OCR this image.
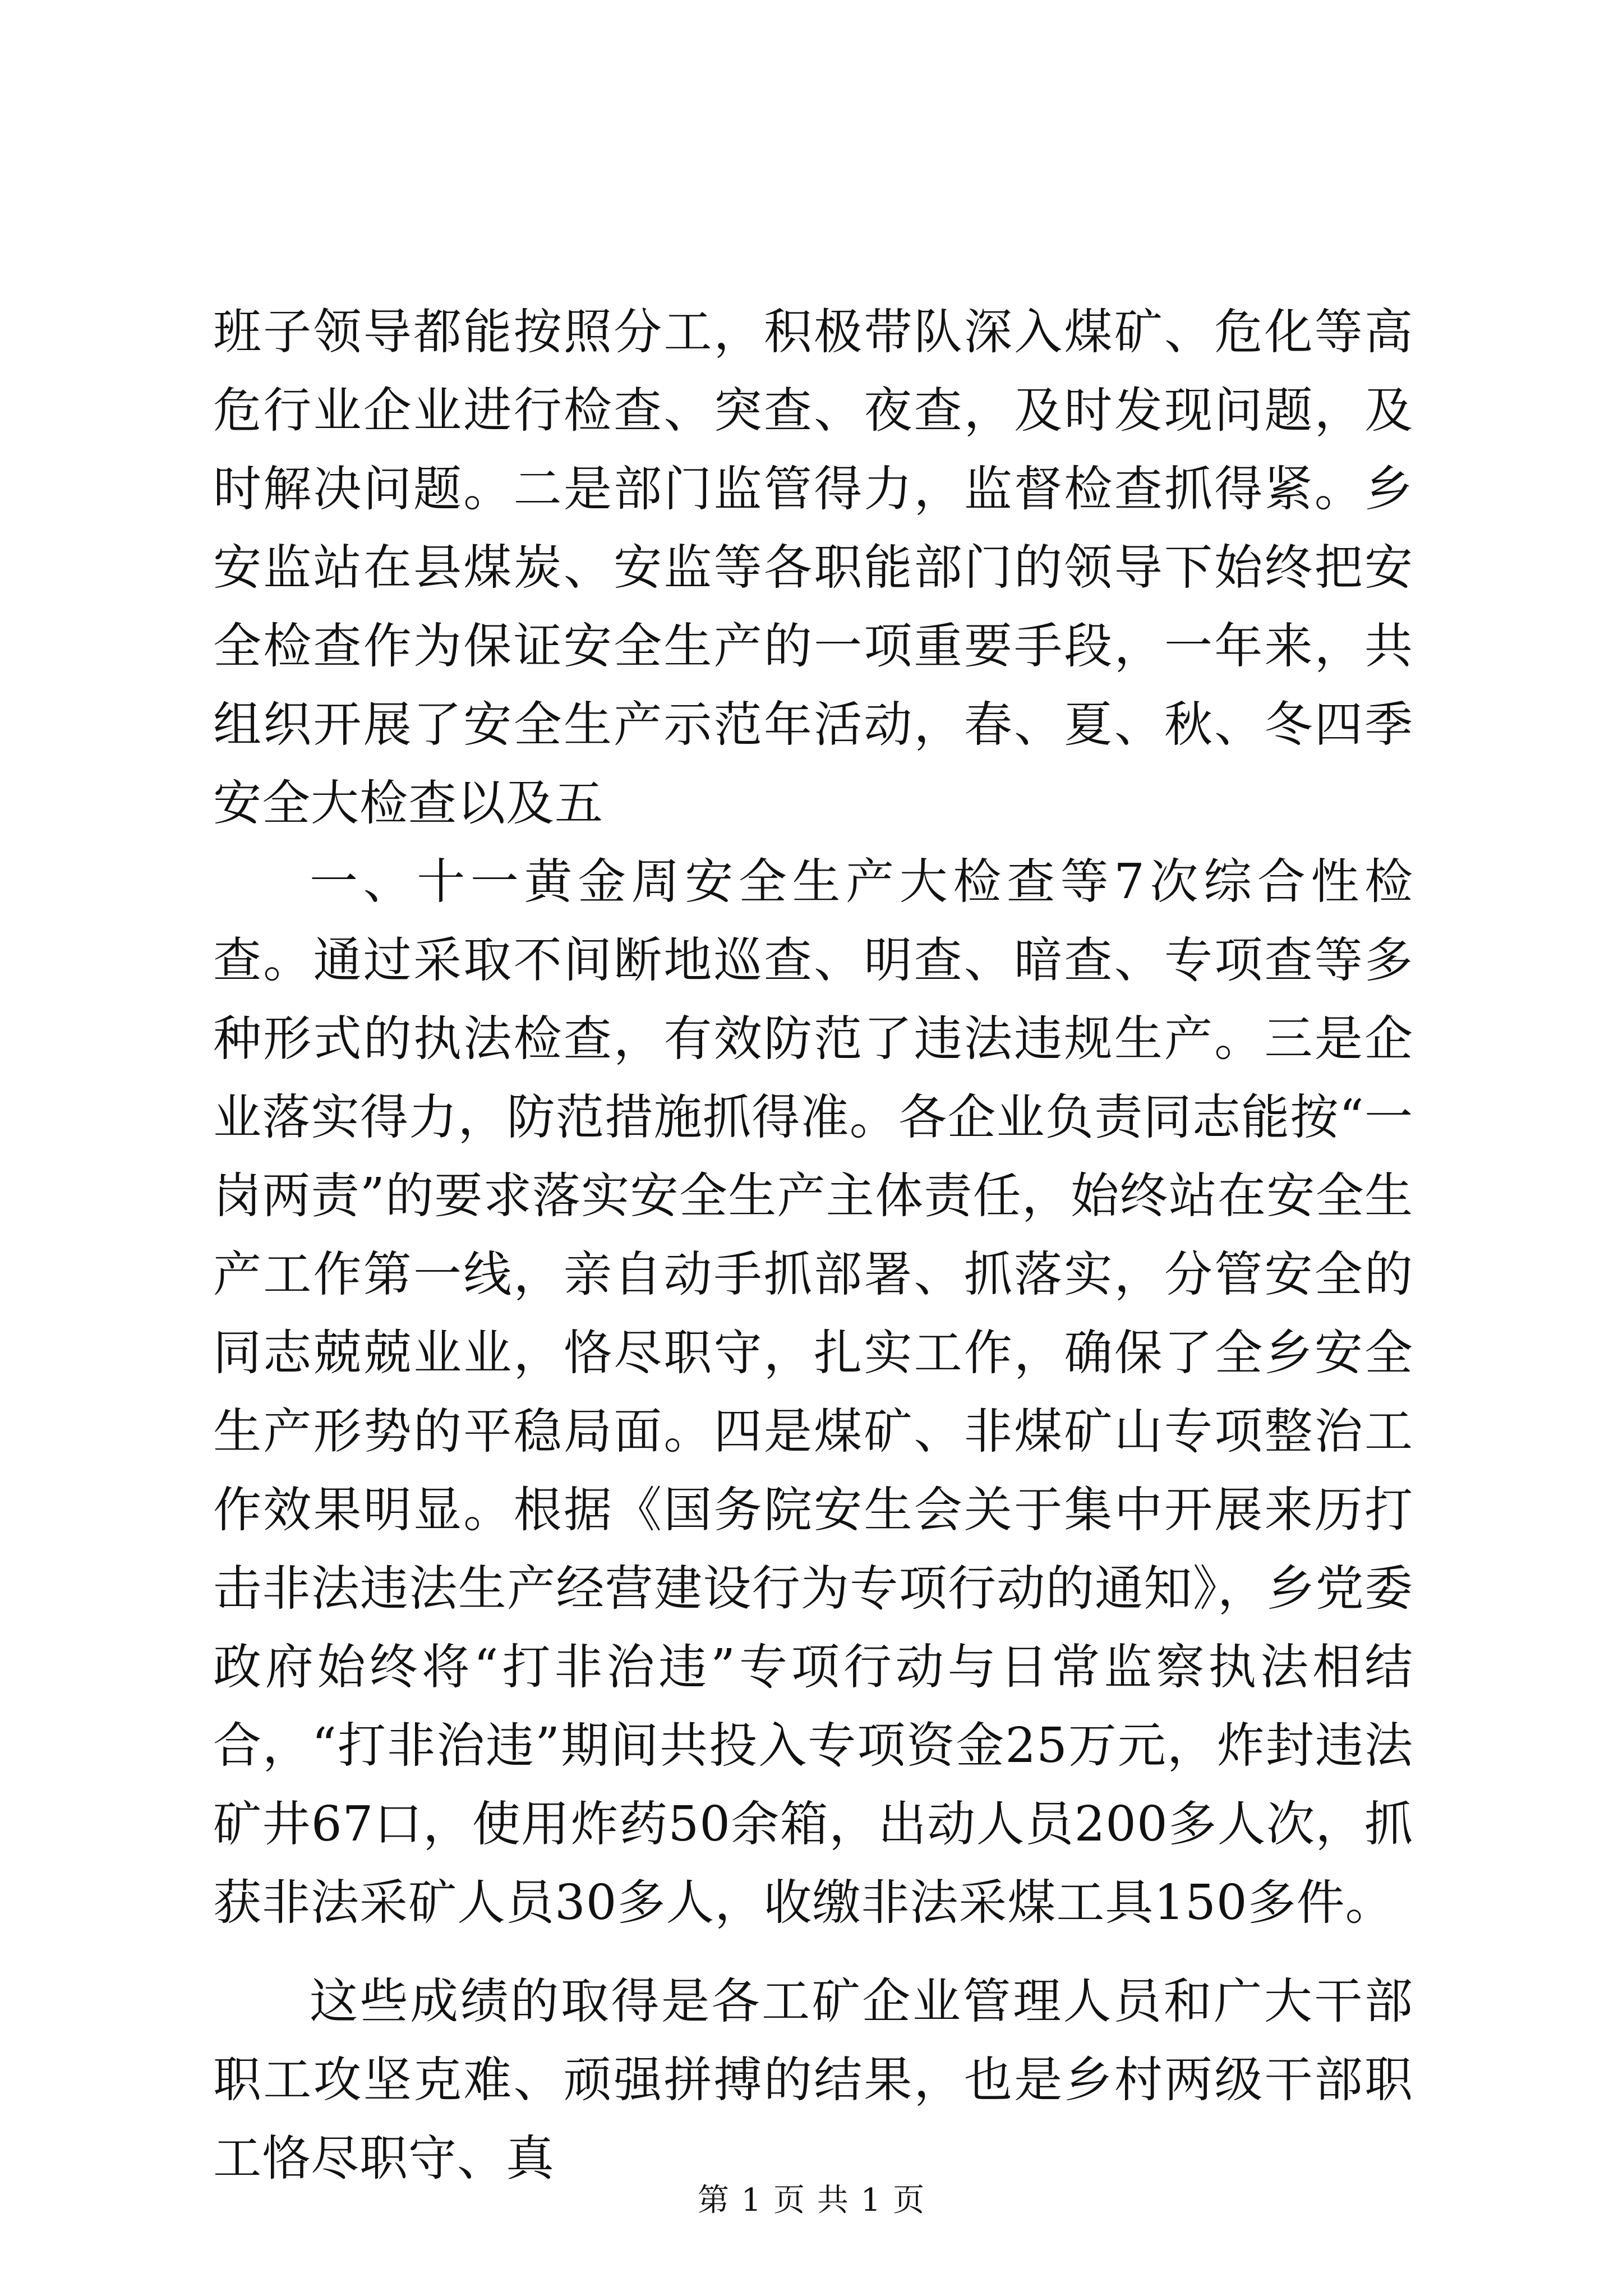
班子领导都能按照分工，积极带队深入煤矿、危化等高危行业企业进行检查、突查、夜查，及时发现问题，及时解决问题。二是部门监管得力，监督检查抓得紧。乡安监站在县煤炭、安监等各职能部门的领导下始终把安全检查作为保证安全生产的一项重要手段，一年来，共组织开展了安全生产示范年活动，春、夏、秋、冬四季安全大检查以及五

一、十一黄金周安全生产大检查等7次综合性检查。通过采取不间断地巡查、明查、暗查、专项查等多种形式的执法检查，有效防范了违法违规生产。三是企业落实得力，防范措施抓得准。各企业负责同志能按“一岗两责”的要求落实安全生产主体责任，始终站在安全生产工作第一线，亲自动手抓部署、抓落实，分管安全的同志兢兢业业，恪尽职守，扎实工作，确保了全乡安全生产形势的平稳局面。四是煤矿、非煤矿山专项整治工作效果明显。根据《国务院安生会关于集中开展来历打击非法违法生产经营建设行为专项行动的通知》，乡党委政府始终将“打非治违”专项行动与日常监察执法相结合，“打非治违”期间共投入专项资金25万元，炸封违法矿井67口，使用炸药50余箱，出动人员200多人次，抓获非法采矿人员30多人，收缴非法采煤工具150多件。

这些成绩的取得是各工矿企业管理人员和广大干部职工攻坚克难、顽强拼搏的结果，也是乡村两级干部职工恪尽职守、真

第 1 页 共 1 页
